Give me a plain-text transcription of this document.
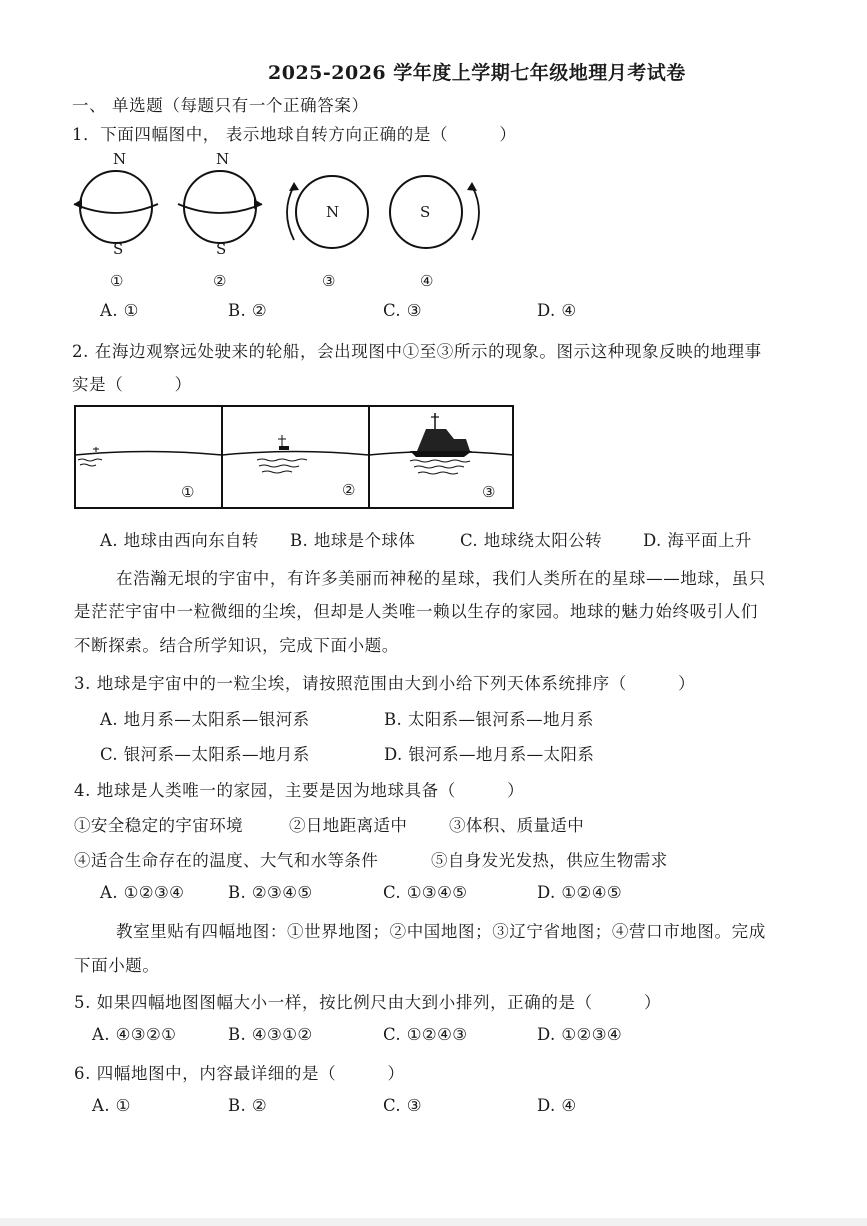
2025-2026 学年度上学期七年级地理月考试卷
一、 单选题（每题只有一个正确答案）
1．下面四幅图中， 表示地球自转方向正确的是（　　　）
N
S
①
N
S
②
N
③
S
④
A. ①	B. ②	C. ③	D. ④
2. 在海边观察远处驶来的轮船，会出现图中①至③所示的现象。图示这种现象反映的地理事
实是（　　　）
①	②	③
A. 地球由西向东自转 B. 地球是个球体	C. 地球绕太阳公转 D. 海平面上升
在浩瀚无垠的宇宙中，有许多美丽而神秘的星球，我们人类所在的星球——地球，虽只
是茫茫宇宙中一粒微细的尘埃，但却是人类唯一赖以生存的家园。地球的魅力始终吸引人们
不断探索。结合所学知识，完成下面小题。
3. 地球是宇宙中的一粒尘埃，请按照范围由大到小给下列天体系统排序（　　　）
A. 地月系—太阳系—银河系	B. 太阳系—银河系—地月系
C. 银河系—太阳系—地月系	D. 银河系—地月系—太阳系
4. 地球是人类唯一的家园，主要是因为地球具备（　　　）
①安全稳定的宇宙环境	②日地距离适中	③体积、质量适中
④适合生命存在的温度、大气和水等条件	⑤自身发光发热，供应生物需求
A. ①②③④	B. ②③④⑤	C. ①③④⑤	D. ①②④⑤
教室里贴有四幅地图：①世界地图；②中国地图；③辽宁省地图；④营口市地图。完成
下面小题。
5. 如果四幅地图图幅大小一样，按比例尺由大到小排列，正确的是（　　　）
A. ④③②①	B. ④③①②	C. ①②④③	D. ①②③④
6. 四幅地图中，内容最详细的是（　　　）
A. ①	B. ②	C. ③	D. ④
